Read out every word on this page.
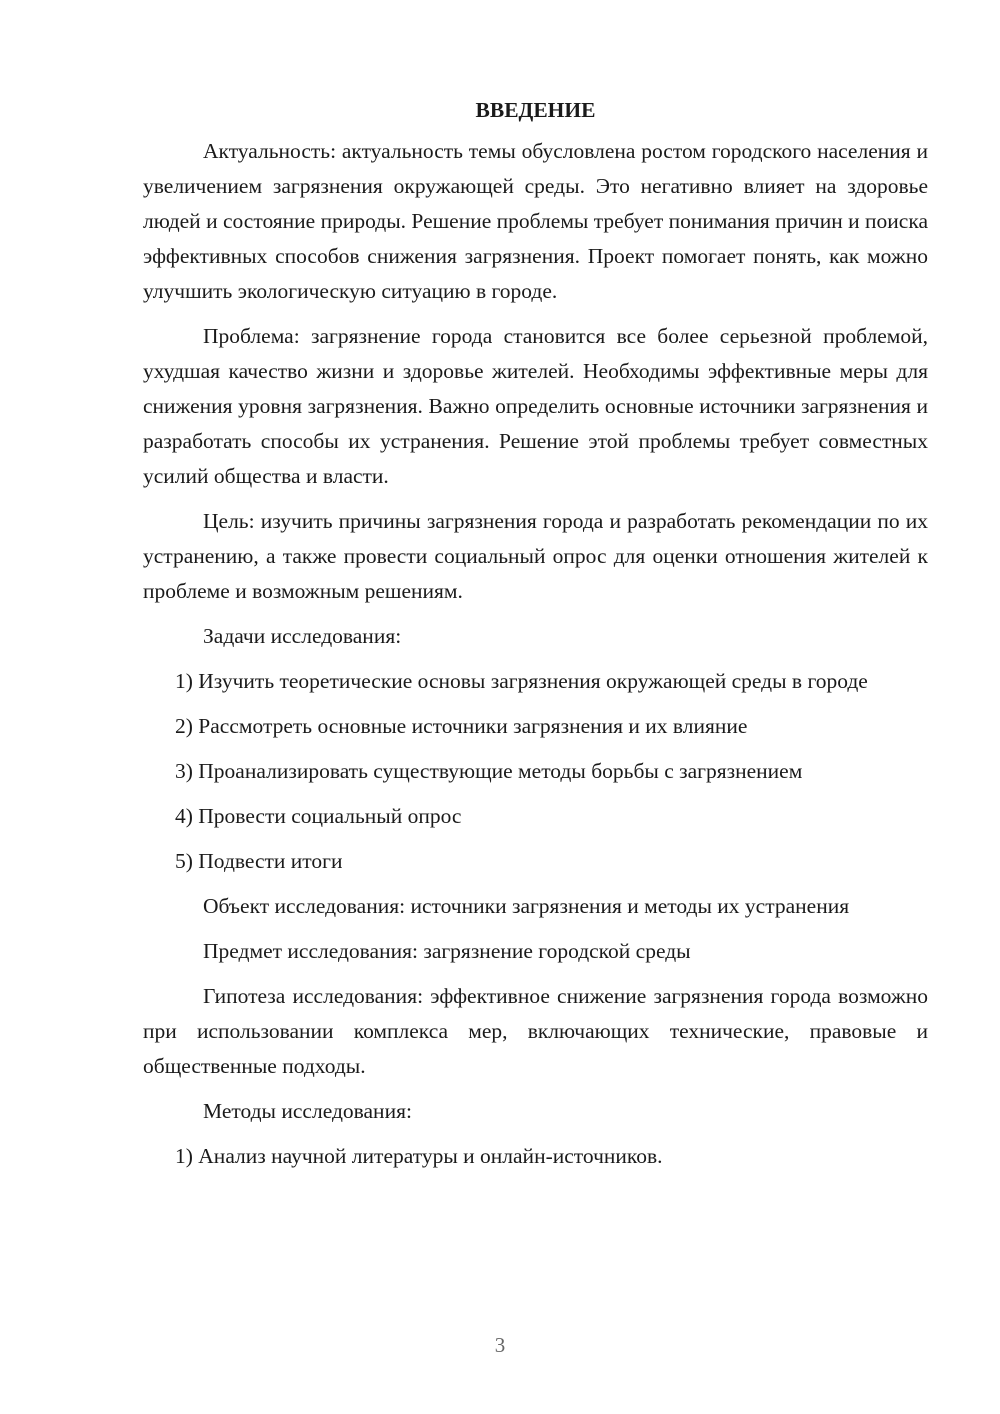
ВВЕДЕНИЕ

Актуальность: актуальность темы обусловлена ростом городского населения и увеличением загрязнения окружающей среды. Это негативно влияет на здоровье людей и состояние природы. Решение проблемы требует понимания причин и поиска эффективных способов снижения загрязнения. Проект помогает понять, как можно улучшить экологическую ситуацию в городе.

Проблема: загрязнение города становится все более серьезной проблемой, ухудшая качество жизни и здоровье жителей. Необходимы эффективные меры для снижения уровня загрязнения. Важно определить основные источники загрязнения и разработать способы их устранения. Решение этой проблемы требует совместных усилий общества и власти.

Цель: изучить причины загрязнения города и разработать рекомендации по их устранению, а также провести социальный опрос для оценки отношения жителей к проблеме и возможным решениям.

Задачи исследования:

1) Изучить теоретические основы загрязнения окружающей среды в городе

2) Рассмотреть основные источники загрязнения и их влияние

3) Проанализировать существующие методы борьбы с загрязнением

4) Провести социальный опрос

5) Подвести итоги

Объект исследования: источники загрязнения и методы их устранения

Предмет исследования: загрязнение городской среды

Гипотеза исследования: эффективное снижение загрязнения города возможно при использовании комплекса мер, включающих технические, правовые и общественные подходы.

Методы исследования:

1) Анализ научной литературы и онлайн-источников.

3
